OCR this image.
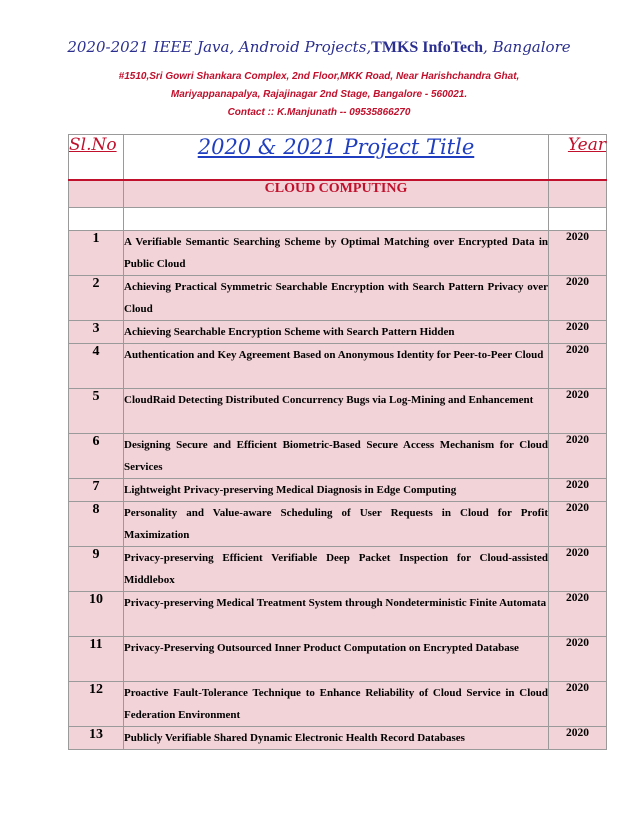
2020-2021 IEEE Java, Android Projects,TMKS InfoTech, Bangalore
#1510,Sri Gowri Shankara Complex, 2nd Floor,MKK Road, Near Harishchandra Ghat,
Mariyappanapalya, Rajajinagar 2nd Stage, Bangalore - 560021.
Contact :: K.Manjunath -- 09535866270
Sl.No	2020 & 2021 Project Title	Year
	CLOUD COMPUTING	

1	A Verifiable Semantic Searching Scheme by Optimal Matching over Encrypted Data in Public Cloud	2020
2	Achieving Practical Symmetric Searchable Encryption with Search Pattern Privacy over Cloud	2020
3	Achieving Searchable Encryption Scheme with Search Pattern Hidden	2020
4	Authentication and Key Agreement Based on Anonymous Identity for Peer-to-Peer Cloud	2020
5	CloudRaid Detecting Distributed Concurrency Bugs via Log-Mining and Enhancement	2020
6	Designing Secure and Efficient Biometric-Based Secure Access Mechanism for Cloud Services	2020
7	Lightweight Privacy-preserving Medical Diagnosis in Edge Computing	2020
8	Personality and Value-aware Scheduling of User Requests in Cloud for Profit Maximization	2020
9	Privacy-preserving Efficient Verifiable Deep Packet Inspection for Cloud-assisted Middlebox	2020
10	Privacy-preserving Medical Treatment System through Nondeterministic Finite Automata	2020
11	Privacy-Preserving Outsourced Inner Product Computation on Encrypted Database	2020
12	Proactive Fault-Tolerance Technique to Enhance Reliability of Cloud Service in Cloud Federation Environment	2020
13	Publicly Verifiable Shared Dynamic Electronic Health Record Databases	2020
